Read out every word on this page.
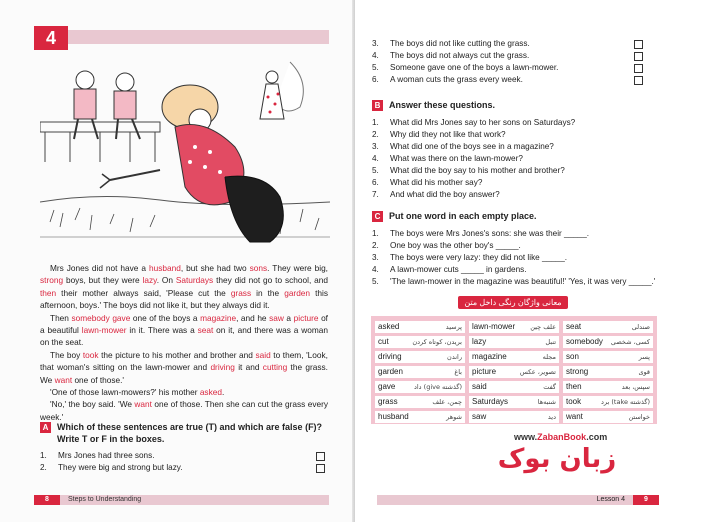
4

Mrs Jones did not have a husband, but she had two sons. They were big, strong boys, but they were lazy. On Saturdays they did not go to school, and then their mother always said, 'Please cut the grass in the garden this afternoon, boys.' The boys did not like it, but they always did it.

Then somebody gave one of the boys a magazine, and he saw a picture of a beautiful lawn-mower in it. There was a seat on it, and there was a woman on the seat.

The boy took the picture to his mother and brother and said to them, 'Look, that woman's sitting on the lawn-mower and driving it and cutting the grass. We want one of those.'

'One of those lawn-mowers?' his mother asked.

'No,' the boy said. 'We want one of those. Then she can cut the grass every week.'

A Which of these sentences are true (T) and which are false (F)?
Write T or F in the boxes.
1. Mrs Jones had three sons.
2. They were big and strong but lazy.
8	Steps to Understanding
3. The boys did not like cutting the grass.
4. The boys did not always cut the grass.
5. Someone gave one of the boys a lawn-mower.
6. A woman cuts the grass every week.
B Answer these questions.
1. What did Mrs Jones say to her sons on Saturdays?
2. Why did they not like that work?
3. What did one of the boys see in a magazine?
4. What was there on the lawn-mower?
5. What did the boy say to his mother and brother?
6. What did his mother say?
7. And what did the boy answer?
C Put one word in each empty place.
1. The boys were Mrs Jones's sons: she was their _____.
2. One boy was the other boy's _____.
3. The boys were very lazy: they did not like _____.
4. A lawn-mower cuts _____ in gardens.
5. 'The lawn-mower in the magazine was beautiful!' 'Yes, it was very _____.'
معانی واژگان رنگی داخل متن
asked	پرسید
cut	بریدن، کوتاه کردن
driving	راندن
garden	باغ
gave	داد (give گذشته)
grass	چمن، علف
husband	شوهر
lawn-mower علف چین
lazy	تنبل
magazine	مجله
picture	تصویر، عکس
said	گفت
Saturdays	شنبه‌ها
saw	دید
seat	صندلی
somebody کسی، شخصی
son	پسر
strong	قوی
then	سپس، بعد
took	برد (take گذشته)
want	خواستن
www.ZabanBook.com
زبان بوک
9
Lesson 4
